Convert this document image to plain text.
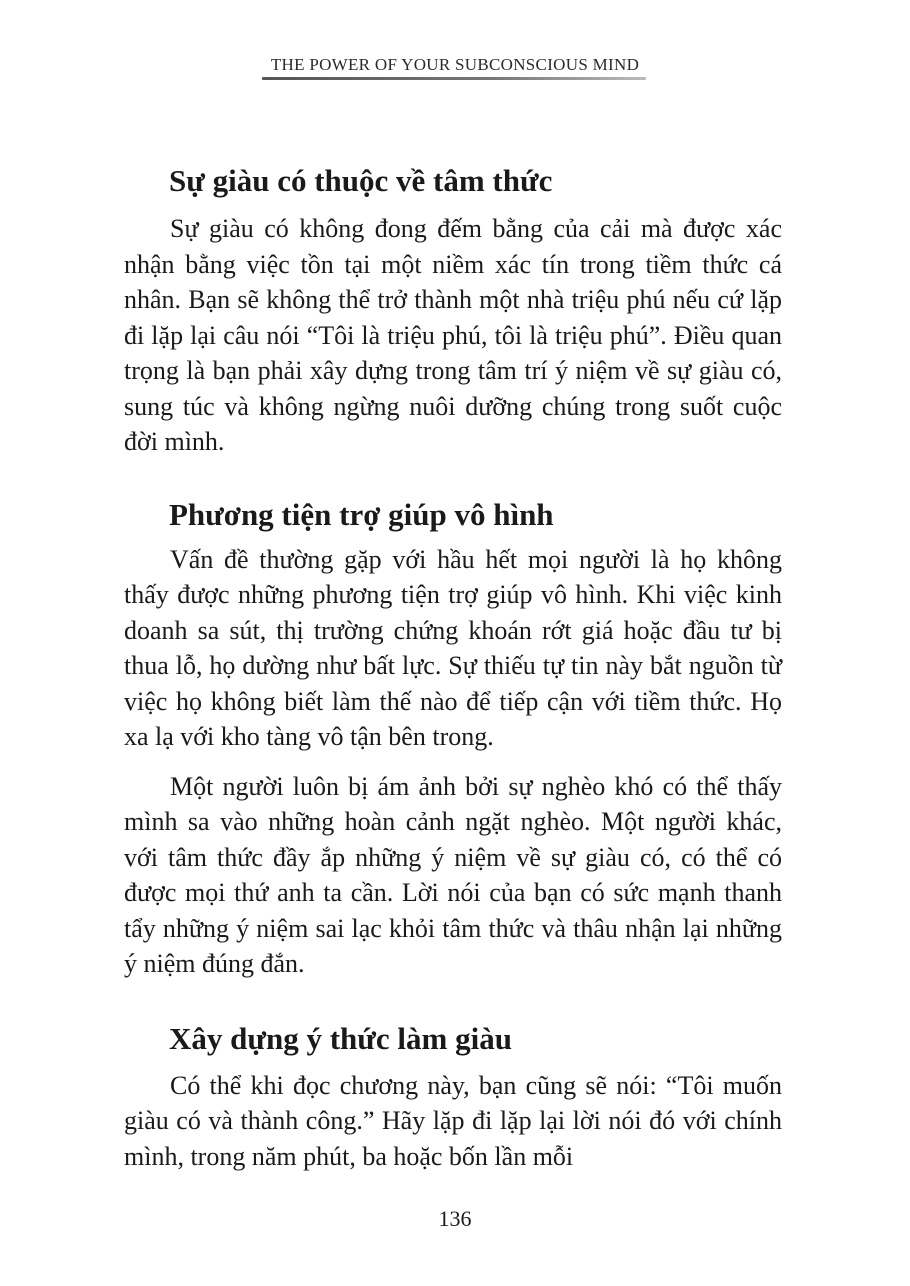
THE POWER OF YOUR SUBCONSCIOUS MIND
Sự giàu có thuộc về tâm thức

Sự giàu có không đong đếm bằng của cải mà được xác nhận bằng việc tồn tại một niềm xác tín trong tiềm thức cá nhân. Bạn sẽ không thể trở thành một nhà triệu phú nếu cứ lặp đi lặp lại câu nói “Tôi là triệu phú, tôi là triệu phú”. Điều quan trọng là bạn phải xây dựng trong tâm trí ý niệm về sự giàu có, sung túc và không ngừng nuôi dưỡng chúng trong suốt cuộc đời mình.

Phương tiện trợ giúp vô hình

Vấn đề thường gặp với hầu hết mọi người là họ không thấy được những phương tiện trợ giúp vô hình. Khi việc kinh doanh sa sút, thị trường chứng khoán rớt giá hoặc đầu tư bị thua lỗ, họ dường như bất lực. Sự thiếu tự tin này bắt nguồn từ việc họ không biết làm thế nào để tiếp cận với tiềm thức. Họ xa lạ với kho tàng vô tận bên trong.

Một người luôn bị ám ảnh bởi sự nghèo khó có thể thấy mình sa vào những hoàn cảnh ngặt nghèo. Một người khác, với tâm thức đầy ắp những ý niệm về sự giàu có, có thể có được mọi thứ anh ta cần. Lời nói của bạn có sức mạnh thanh tẩy những ý niệm sai lạc khỏi tâm thức và thâu nhận lại những ý niệm đúng đắn.

Xây dựng ý thức làm giàu

Có thể khi đọc chương này, bạn cũng sẽ nói: “Tôi muốn giàu có và thành công.” Hãy lặp đi lặp lại lời nói đó với chính mình, trong năm phút, ba hoặc bốn lần mỗi

136
